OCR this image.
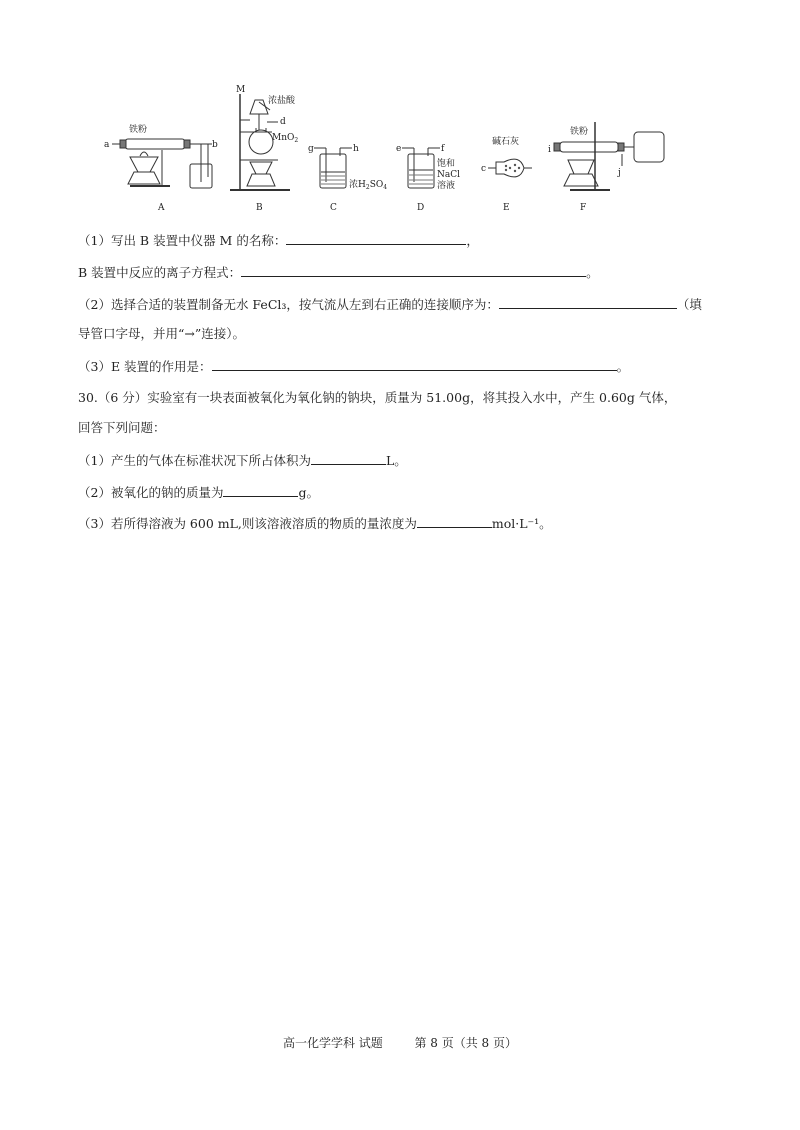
铁粉
a	b
A
M
浓盐酸
d
MnO$_2$
B
g	h
浓$H_2SO_4$
C
e	f
饱和
NaCl
溶液
D
碱石灰
c
E
铁粉
i
j
F
（1）写出 B 装置中仪器 M 的名称：	，
B 装置中反应的离子方程式：	。
（2）选择合适的装置制备无水 FeCl₃，按气流从左到右正确的连接顺序为：	（填
导管口字母，并用“→”连接）。
（3）E 装置的作用是：	。
30.（6 分）实验室有一块表面被氧化为氧化钠的钠块，质量为 51.00g，将其投入水中，产生 0.60g 气体，
回答下列问题：
（1）产生的气体在标准状况下所占体积为	L。
（2）被氧化的钠的质量为	g。
（3）若所得溶液为 600 mL,则该溶液溶质的物质的量浓度为	mol·L⁻¹。
高一化学学科 试题	第 8 页（共 8 页）
